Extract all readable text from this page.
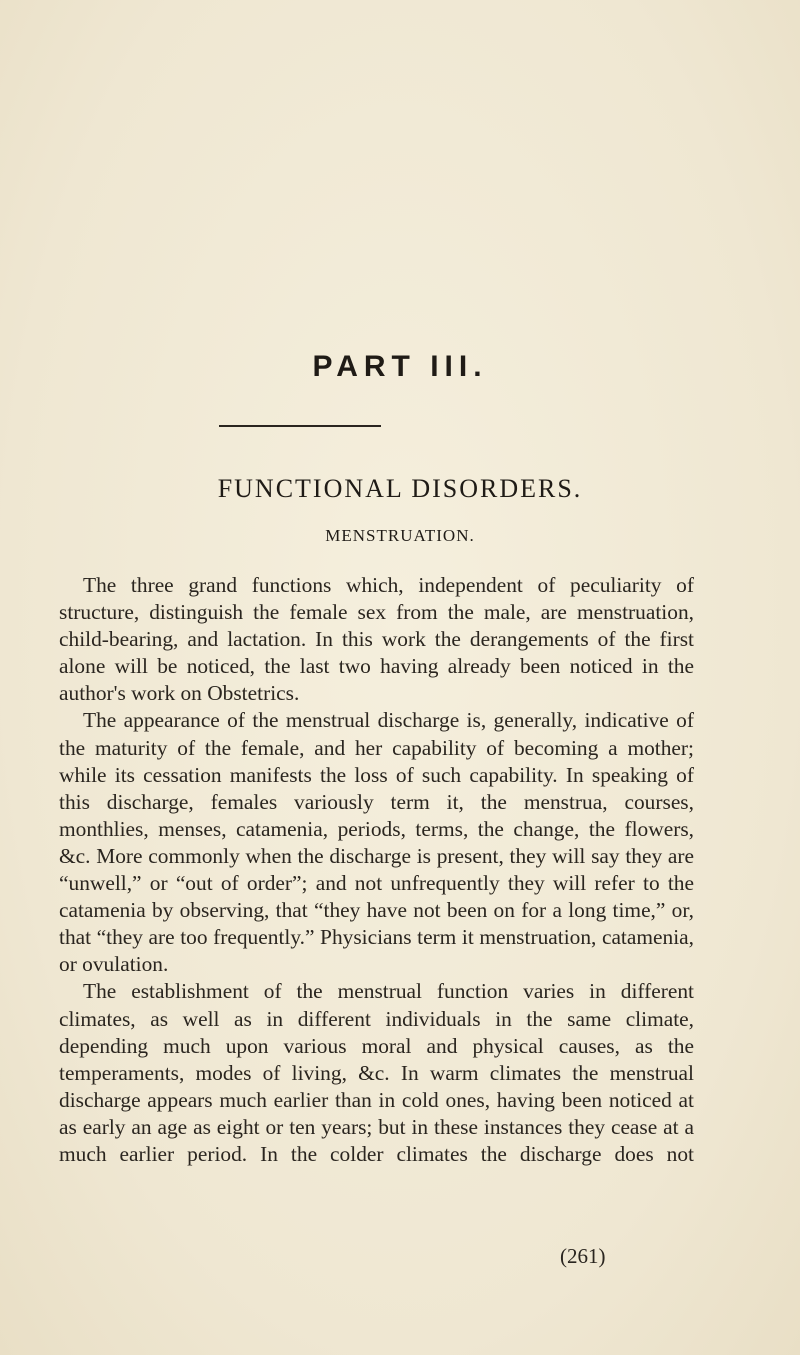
PART III.
FUNCTIONAL DISORDERS.
MENSTRUATION.

The three grand functions which, independent of peculiarity of structure, distinguish the female sex from the male, are menstruation, child-bearing, and lactation. In this work the derangements of the first alone will be noticed, the last two having already been noticed in the author's work on Obstetrics.

The appearance of the menstrual discharge is, generally, indicative of the maturity of the female, and her capability of becoming a mother; while its cessation manifests the loss of such capability. In speaking of this discharge, females variously term it, the menstrua, courses, monthlies, menses, catamenia, periods, terms, the change, the flowers, &c. More commonly when the discharge is present, they will say they are “unwell,” or “out of order”; and not unfrequently they will refer to the catamenia by observing, that “they have not been on for a long time,” or, that “they are too frequently.” Physicians term it menstruation, catamenia, or ovulation.

The establishment of the menstrual function varies in different climates, as well as in different individuals in the same climate, depending much upon various moral and physical causes, as the temperaments, modes of living, &c. In warm climates the menstrual discharge appears much earlier than in cold ones, having been noticed at as early an age as eight or ten years; but in these instances they cease at a much earlier period. In the colder climates the discharge does not

(261)
